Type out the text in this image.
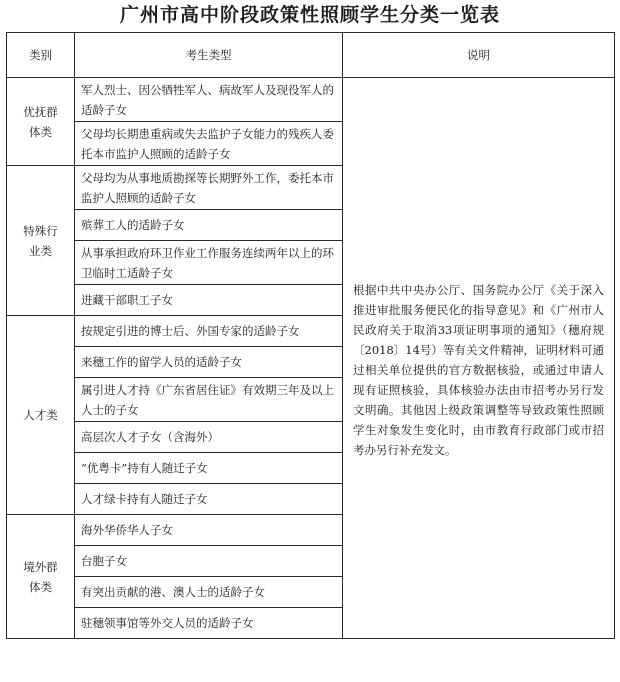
广州市高中阶段政策性照顾学生分类一览表
类别	考生类型	说明
优抚群体类	军人烈士、因公牺牲军人、病故军人及现役军人的适龄子女	根据中共中央办公厅、国务院办公厅《关于深入推进审批服务便民化的指导意见》和《广州市人民政府关于取消33项证明事项的通知》（穗府规〔2018〕14号）等有关文件精神，证明材料可通过相关单位提供的官方数据核验，或通过申请人现有证照核验，具体核验办法由市招考办另行发文明确。其他因上级政策调整等导致政策性照顾学生对象发生变化时，由市教育行政部门或市招考办另行补充发文。
	父母均长期患重病或失去监护子女能力的残疾人委托本市监护人照顾的适龄子女	
特殊行业类	父母均为从事地质勘探等长期野外工作，委托本市监护人照顾的适龄子女	
	殡葬工人的适龄子女	
	从事承担政府环卫作业工作服务连续两年以上的环卫临时工适龄子女	
	进藏干部职工子女	
人才类	按规定引进的博士后、外国专家的适龄子女	
	来穗工作的留学人员的适龄子女	
	属引进人才持《广东省居住证》有效期三年及以上人士的子女	
	高层次人才子女（含海外）	
	“优粤卡”持有人随迁子女	
	人才绿卡持有人随迁子女	
境外群体类	海外华侨华人子女	
	台胞子女	
	有突出贡献的港、澳人士的适龄子女	
	驻穗领事馆等外交人员的适龄子女	
